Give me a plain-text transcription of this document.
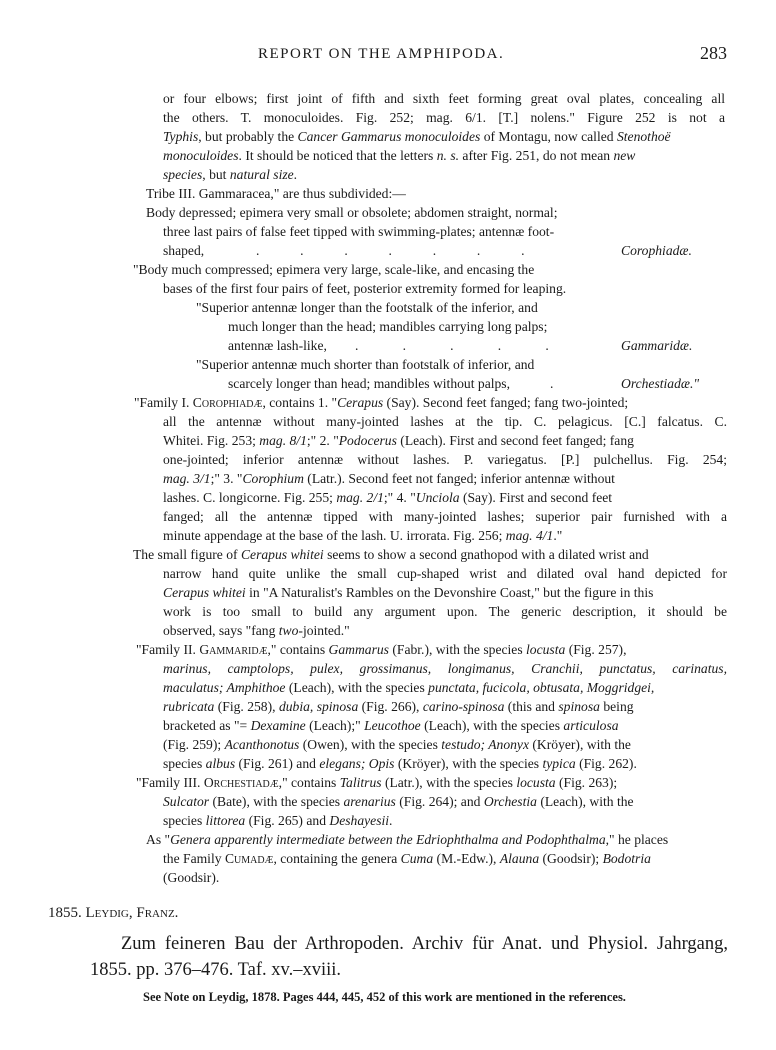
REPORT ON THE AMPHIPODA.	283
or four elbows; first joint of fifth and sixth feet forming great oval plates, concealing all
the others. T. monoculoides. Fig. 252; mag. 6/1. [T.] nolens." Figure 252 is not a
Typhis, but probably the Cancer Gammarus monoculoides of Montagu, now called Stenothoë
monoculoides. It should be noticed that the letters n. s. after Fig. 251, do not mean new
species, but natural size.
Tribe III. Gammaracea," are thus subdivided:—
Body depressed; epimera very small or obsolete; abdomen straight, normal;
three last pairs of false feet tipped with swimming-plates; antennæ foot-
shaped,	.            .            .            .            .            .            .	Corophiadæ.
"Body much compressed; epimera very large, scale-like, and encasing the
bases of the first four pairs of feet, posterior extremity formed for leaping.
"Superior antennæ longer than the footstalk of the inferior, and
much longer than the head; mandibles carrying long palps;
antennæ lash-like, .             .             .             .             .	Gammaridæ.
"Superior antennæ much shorter than footstalk of inferior, and
scarcely longer than head; mandibles without palps,	.	Orchestiadæ."
"Family I. Corophiadæ, contains 1. "Cerapus (Say). Second feet fanged; fang two-jointed;
all the antennæ without many-jointed lashes at the tip. C. pelagicus. [C.] falcatus. C.
Whitei. Fig. 253; mag. 8/1;" 2. "Podocerus (Leach). First and second feet fanged; fang
one-jointed; inferior antennæ without lashes. P. variegatus. [P.] pulchellus. Fig. 254;
mag. 3/1;" 3. "Corophium (Latr.). Second feet not fanged; inferior antennæ without
lashes. C. longicorne. Fig. 255; mag. 2/1;" 4. "Unciola (Say). First and second feet
fanged; all the antennæ tipped with many-jointed lashes; superior pair furnished with a
minute appendage at the base of the lash. U. irrorata. Fig. 256; mag. 4/1."
The small figure of Cerapus whitei seems to show a second gnathopod with a dilated wrist and
narrow hand quite unlike the small cup-shaped wrist and dilated oval hand depicted for
Cerapus whitei in "A Naturalist's Rambles on the Devonshire Coast," but the figure in this
work is too small to build any argument upon. The generic description, it should be
observed, says "fang two-jointed."
"Family II. Gammaridæ," contains Gammarus (Fabr.), with the species locusta (Fig. 257),
marinus, camptolops, pulex, grossimanus, longimanus, Cranchii, punctatus, carinatus,
maculatus; Amphithoe (Leach), with the species punctata, fucicola, obtusata, Moggridgei,
rubricata (Fig. 258), dubia, spinosa (Fig. 266), carino-spinosa (this and spinosa being
bracketed as "= Dexamine (Leach);" Leucothoe (Leach), with the species articulosa
(Fig. 259); Acanthonotus (Owen), with the species testudo; Anonyx (Kröyer), with the
species albus (Fig. 261) and elegans; Opis (Kröyer), with the species typica (Fig. 262).
"Family III. Orchestiadæ," contains Talitrus (Latr.), with the species locusta (Fig. 263);
Sulcator (Bate), with the species arenarius (Fig. 264); and Orchestia (Leach), with the
species littorea (Fig. 265) and Deshayesii.
As "Genera apparently intermediate between the Edriophthalma and Podophthalma," he places
the Family Cumadæ, containing the genera Cuma (M.-Edw.), Alauna (Goodsir); Bodotria
(Goodsir).
1855. Leydig, Franz.
Zum feineren Bau der Arthropoden. Archiv für Anat. und Physiol. Jahrgang,
1855. pp. 376–476. Taf. xv.–xviii.
See Note on Leydig, 1878. Pages 444, 445, 452 of this work are mentioned in the references.
